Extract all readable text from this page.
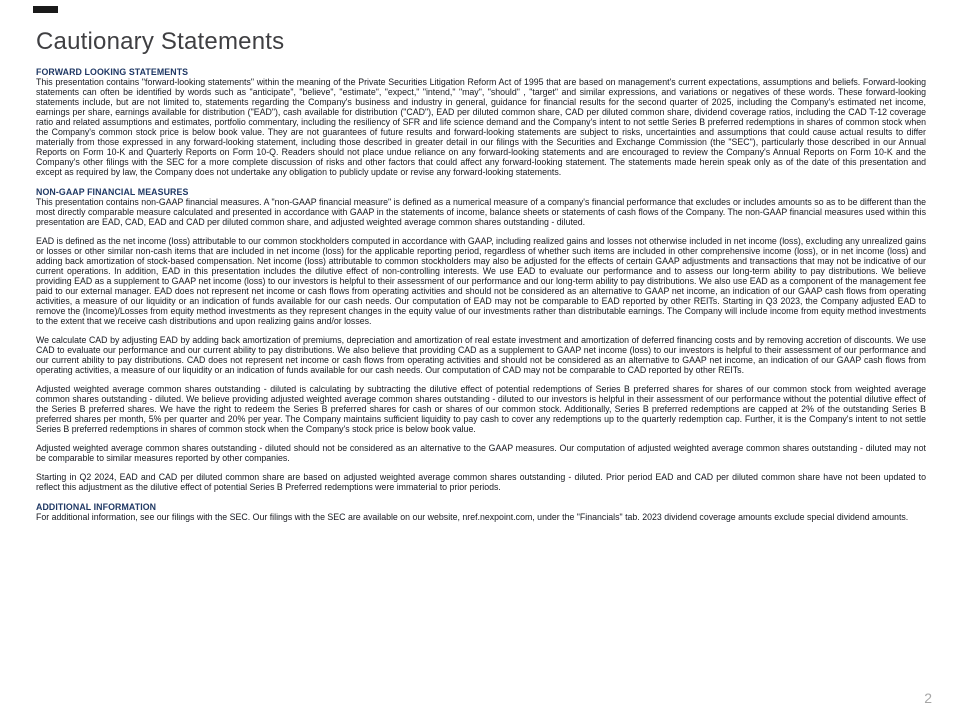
Cautionary Statements
FORWARD LOOKING STATEMENTS

This presentation contains "forward-looking statements" within the meaning of the Private Securities Litigation Reform Act of 1995 that are based on management's current expectations, assumptions and beliefs. Forward-looking statements can often be identified by words such as "anticipate", "believe", "estimate", "expect," "intend," "may", "should" , "target" and similar expressions, and variations or negatives of these words. These forward-looking statements include, but are not limited to, statements regarding the Company's business and industry in general, guidance for financial results for the second quarter of 2025, including the Company's estimated net income, earnings per share, earnings available for distribution ("EAD"), cash available for distribution ("CAD"), EAD per diluted common share, CAD per diluted common share, dividend coverage ratios, including the CAD T-12 coverage ratio and related assumptions and estimates, portfolio commentary, including the resiliency of SFR and life science demand and the Company's intent to not settle Series B preferred redemptions in shares of common stock when the Company's common stock price is below book value. They are not guarantees of future results and forward-looking statements are subject to risks, uncertainties and assumptions that could cause actual results to differ materially from those expressed in any forward-looking statement, including those described in greater detail in our filings with the Securities and Exchange Commission (the "SEC"), particularly those described in our Annual Reports on Form 10-K and Quarterly Reports on Form 10-Q. Readers should not place undue reliance on any forward-looking statements and are encouraged to review the Company's Annual Reports on Form 10-K and the Company's other filings with the SEC for a more complete discussion of risks and other factors that could affect any forward-looking statement. The statements made herein speak only as of the date of this presentation and except as required by law, the Company does not undertake any obligation to publicly update or revise any forward-looking statements.

NON-GAAP FINANCIAL MEASURES

This presentation contains non-GAAP financial measures. A "non-GAAP financial measure" is defined as a numerical measure of a company's financial performance that excludes or includes amounts so as to be different than the most directly comparable measure calculated and presented in accordance with GAAP in the statements of income, balance sheets or statements of cash flows of the Company. The non-GAAP financial measures used within this presentation are EAD, CAD, EAD and CAD per diluted common share, and adjusted weighted average common shares outstanding - diluted.

EAD is defined as the net income (loss) attributable to our common stockholders computed in accordance with GAAP, including realized gains and losses not otherwise included in net income (loss), excluding any unrealized gains or losses or other similar non-cash items that are included in net income (loss) for the applicable reporting period, regardless of whether such items are included in other comprehensive income (loss), or in net income (loss) and adding back amortization of stock-based compensation. Net income (loss) attributable to common stockholders may also be adjusted for the effects of certain GAAP adjustments and transactions that may not be indicative of our current operations. In addition, EAD in this presentation includes the dilutive effect of non-controlling interests. We use EAD to evaluate our performance and to assess our long-term ability to pay distributions. We believe providing EAD as a supplement to GAAP net income (loss) to our investors is helpful to their assessment of our performance and our long-term ability to pay distributions. We also use EAD as a component of the management fee paid to our external manager. EAD does not represent net income or cash flows from operating activities and should not be considered as an alternative to GAAP net income, an indication of our GAAP cash flows from operating activities, a measure of our liquidity or an indication of funds available for our cash needs. Our computation of EAD may not be comparable to EAD reported by other REITs. Starting in Q3 2023, the Company adjusted EAD to remove the (Income)/Losses from equity method investments as they represent changes in the equity value of our investments rather than distributable earnings. The Company will include income from equity method investments to the extent that we receive cash distributions and upon realizing gains and/or losses.

We calculate CAD by adjusting EAD by adding back amortization of premiums, depreciation and amortization of real estate investment and amortization of deferred financing costs and by removing accretion of discounts. We use CAD to evaluate our performance and our current ability to pay distributions. We also believe that providing CAD as a supplement to GAAP net income (loss) to our investors is helpful to their assessment of our performance and our current ability to pay distributions. CAD does not represent net income or cash flows from operating activities and should not be considered as an alternative to GAAP net income, an indication of our GAAP cash flows from operating activities, a measure of our liquidity or an indication of funds available for our cash needs. Our computation of CAD may not be comparable to CAD reported by other REITs.

Adjusted weighted average common shares outstanding - diluted is calculating by subtracting the dilutive effect of potential redemptions of Series B preferred shares for shares of our common stock from weighted average common shares outstanding - diluted. We believe providing adjusted weighted average common shares outstanding - diluted to our investors is helpful in their assessment of our performance without the potential dilutive effect of the Series B preferred shares. We have the right to redeem the Series B preferred shares for cash or shares of our common stock. Additionally, Series B preferred redemptions are capped at 2% of the outstanding Series B preferred shares per month, 5% per quarter and 20% per year. The Company maintains sufficient liquidity to pay cash to cover any redemptions up to the quarterly redemption cap. Further, it is the Company's intent to not settle Series B preferred redemptions in shares of common stock when the Company's stock price is below book value.

Adjusted weighted average common shares outstanding - diluted should not be considered as an alternative to the GAAP measures. Our computation of adjusted weighted average common shares outstanding - diluted may not be comparable to similar measures reported by other companies.

Starting in Q2 2024, EAD and CAD per diluted common share are based on adjusted weighted average common shares outstanding - diluted. Prior period EAD and CAD per diluted common share have not been updated to reflect this adjustment as the dilutive effect of potential Series B Preferred redemptions were immaterial to prior periods.

ADDITIONAL INFORMATION

For additional information, see our filings with the SEC. Our filings with the SEC are available on our website, nref.nexpoint.com, under the "Financials" tab. 2023 dividend coverage amounts exclude special dividend amounts.

2
